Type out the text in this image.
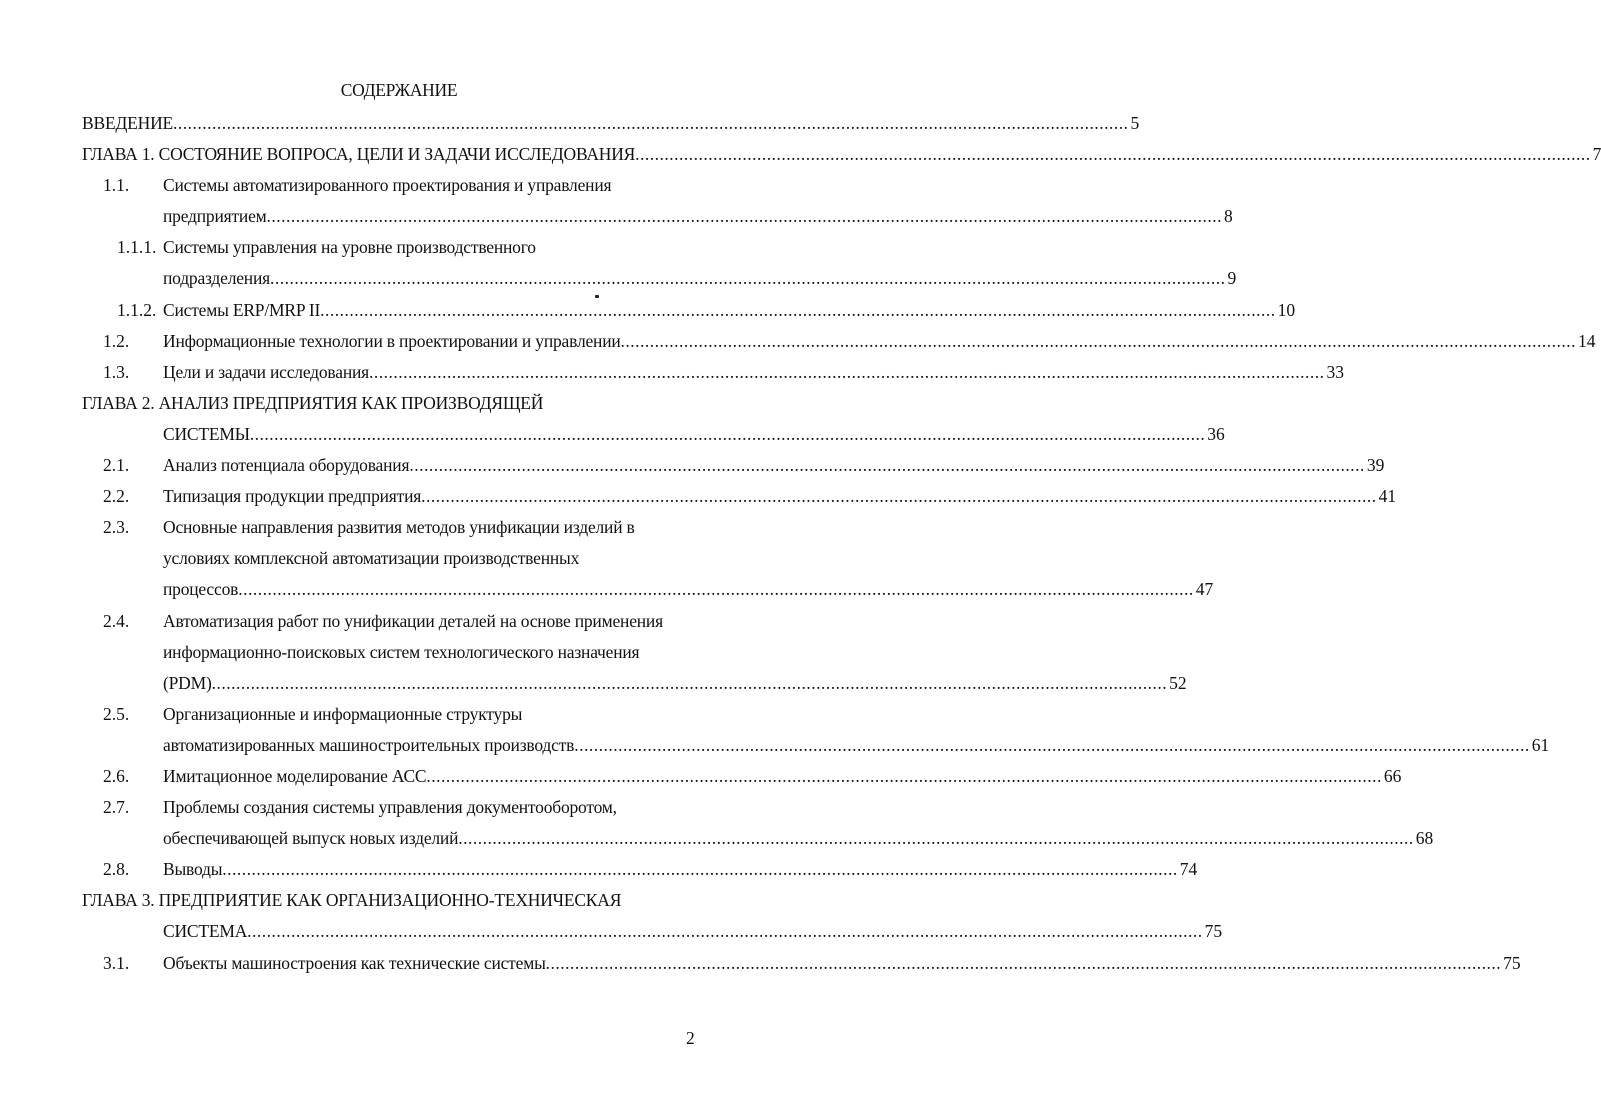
СОДЕРЖАНИЕ
ВВЕДЕНИЕ .....	5
ГЛАВА 1. СОСТОЯНИЕ ВОПРОСА, ЦЕЛИ И ЗАДАЧИ ИССЛЕДОВАНИЯ .....	7
1.1. Системы автоматизированного проектирования и управления
предприятием .....	8
1.1.1. Системы управления на уровне производственного
подразделения .....	9
1.1.2. Системы ERP/MRP II .....	10
1.2. Информационные технологии в проектировании и управлении .....	14
1.3. Цели и задачи исследования .....	33
ГЛАВА 2. АНАЛИЗ ПРЕДПРИЯТИЯ КАК ПРОИЗВОДЯЩЕЙ
СИСТЕМЫ .....	36
2.1. Анализ потенциала оборудования .....	39
2.2. Типизация продукции предприятия .....	41
2.3. Основные направления развития методов унификации изделий в
условиях комплексной автоматизации производственных
процессов .....	47
2.4. Автоматизация работ по унификации деталей на основе применения
информационно-поисковых систем технологического назначения
(PDM) .....	52
2.5. Организационные и информационные структуры
автоматизированных машиностроительных производств .....	61
2.6. Имитационное моделирование АСС .....	66
2.7. Проблемы создания системы управления документооборотом,
обеспечивающей выпуск новых изделий .....	68
2.8. Выводы .....	74
ГЛАВА 3. ПРЕДПРИЯТИЕ КАК ОРГАНИЗАЦИОННО-ТЕХНИЧЕСКАЯ
СИСТЕМА .....	75
3.1. Объекты машиностроения как технические системы .....	75
2
